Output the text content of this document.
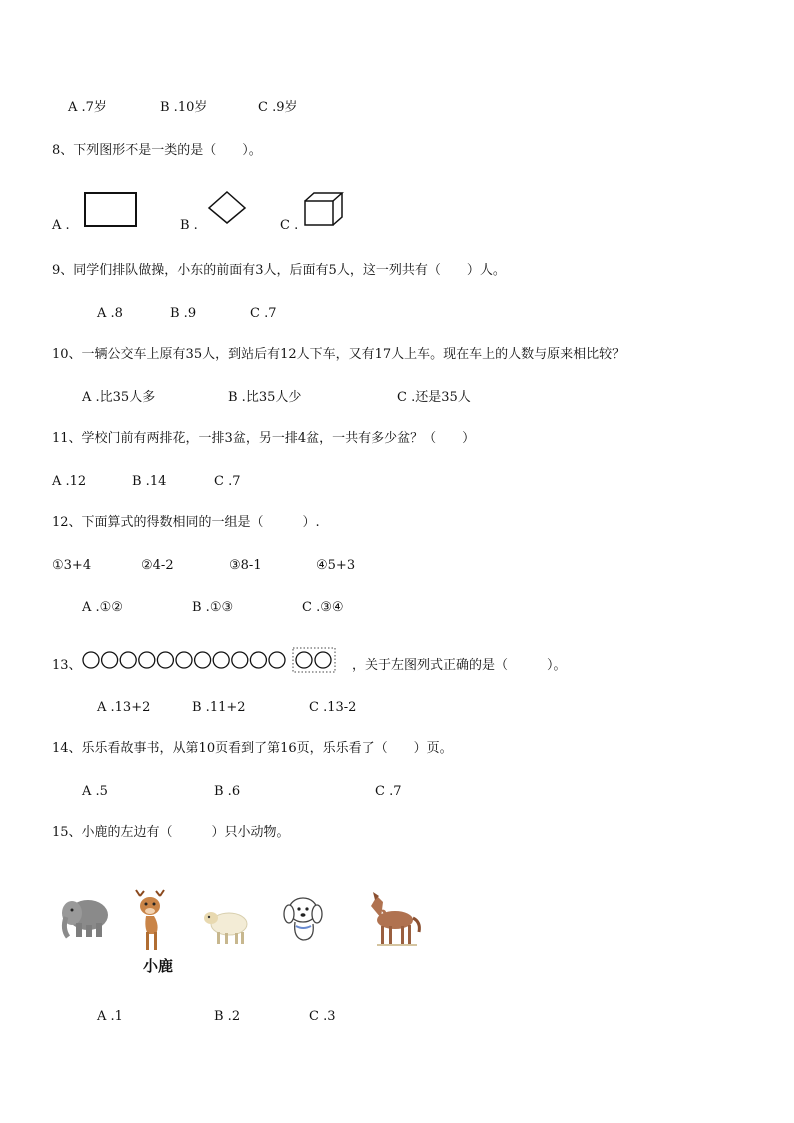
A .7岁	B .10岁	C .9岁
8、下列图形不是一类的是（　　）。
A .	B .	C .
9、同学们排队做操，小东的前面有3人，后面有5人，这一列共有（　　）人。
A .8	B .9	C .7
10、一辆公交车上原有35人，到站后有12人下车，又有17人上车。现在车上的人数与原来相比较？
A .比35人多	B .比35人少	C .还是35人
11、学校门前有两排花，一排3盆，另一排4盆，一共有多少盆？（　　）
A .12	B .14	C .7
12、下面算式的得数相同的一组是（　　　）.
①3+4	②4-2	③8-1	④5+3
A .①②	B .①③	C .③④
13、	，关于左图列式正确的是（　　　）。
A .13+2	B .11+2	C .13-2
14、乐乐看故事书，从第10页看到了第16页，乐乐看了（　　）页。
A .5	B .6	C .7
15、小鹿的左边有（　　　）只小动物。
小鹿
A .1	B .2	C .3
